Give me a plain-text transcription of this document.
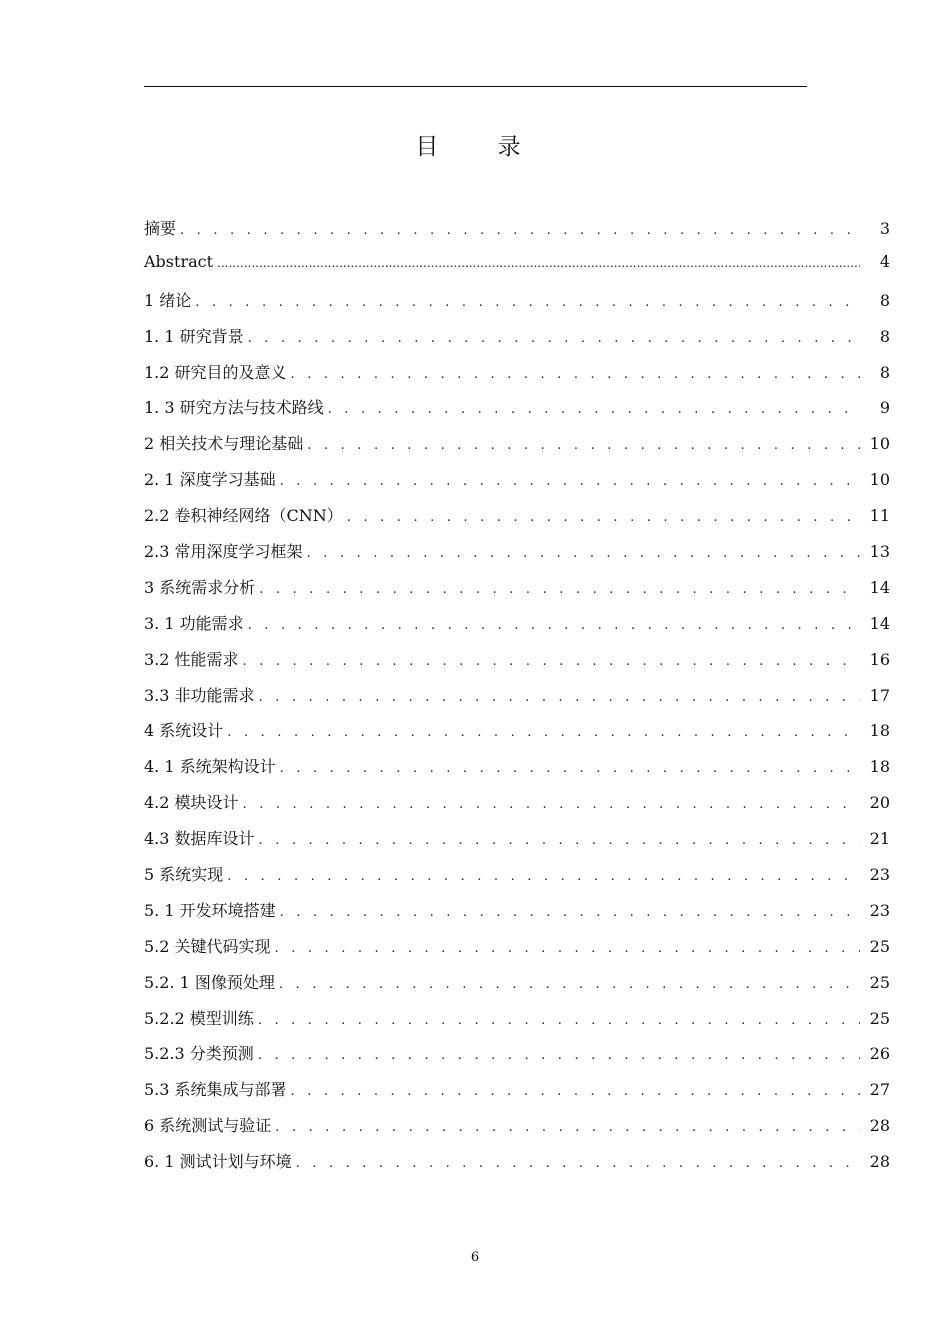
目 录
摘要 . . .	3
Abstract .....	4
1 绪论 . . .	8
1. 1 研究背景 . . .	8
1.2 研究目的及意义 . . .	8
1. 3 研究方法与技术路线 . . .	9
2 相关技术与理论基础 . . .	10
2. 1 深度学习基础 . . .	10
2.2 卷积神经网络（CNN） . . .	11
2.3 常用深度学习框架 . . .	13
3 系统需求分析 . . .	14
3. 1 功能需求 . . .	14
3.2 性能需求 . . .	16
3.3 非功能需求 . . .	17
4 系统设计 . . .	18
4. 1 系统架构设计 . . .	18
4.2 模块设计 . . .	20
4.3 数据库设计 . . .	21
5 系统实现 . . .	23
5. 1 开发环境搭建 . . .	23
5.2 关键代码实现 . . .	25
5.2. 1 图像预处理 . . .	25
5.2.2 模型训练 . . .	25
5.2.3 分类预测 . . .	26
5.3 系统集成与部署 . . .	27
6 系统测试与验证 . . .	28
6. 1 测试计划与环境 . . .	28
6
